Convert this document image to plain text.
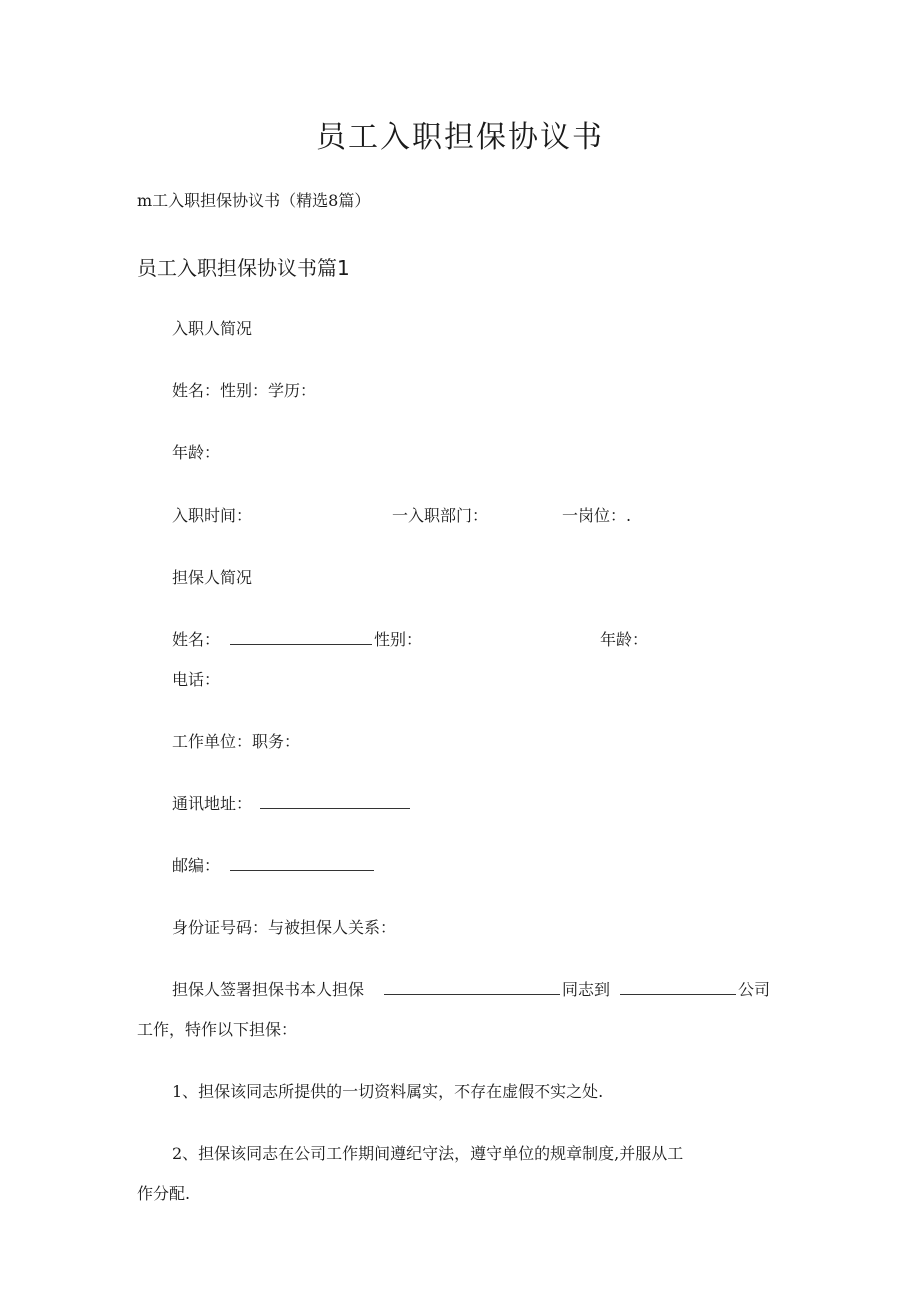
员工入职担保协议书
m工入职担保协议书（精选8篇）
员工入职担保协议书篇1
入职人简况
姓名：性别：学历：
年龄：
入职时间：	一入职部门：	一岗位：.
担保人简况
姓名：	性别：	年龄：
电话：
工作单位：职务：
通讯地址：
邮编：
身份证号码：与被担保人关系：
担保人签署担保书本人担保	同志到	公司
工作，特作以下担保：
1、担保该同志所提供的一切资料属实，不存在虚假不实之处.
2、担保该同志在公司工作期间遵纪守法，遵守单位的规章制度,并服从工
作分配.
